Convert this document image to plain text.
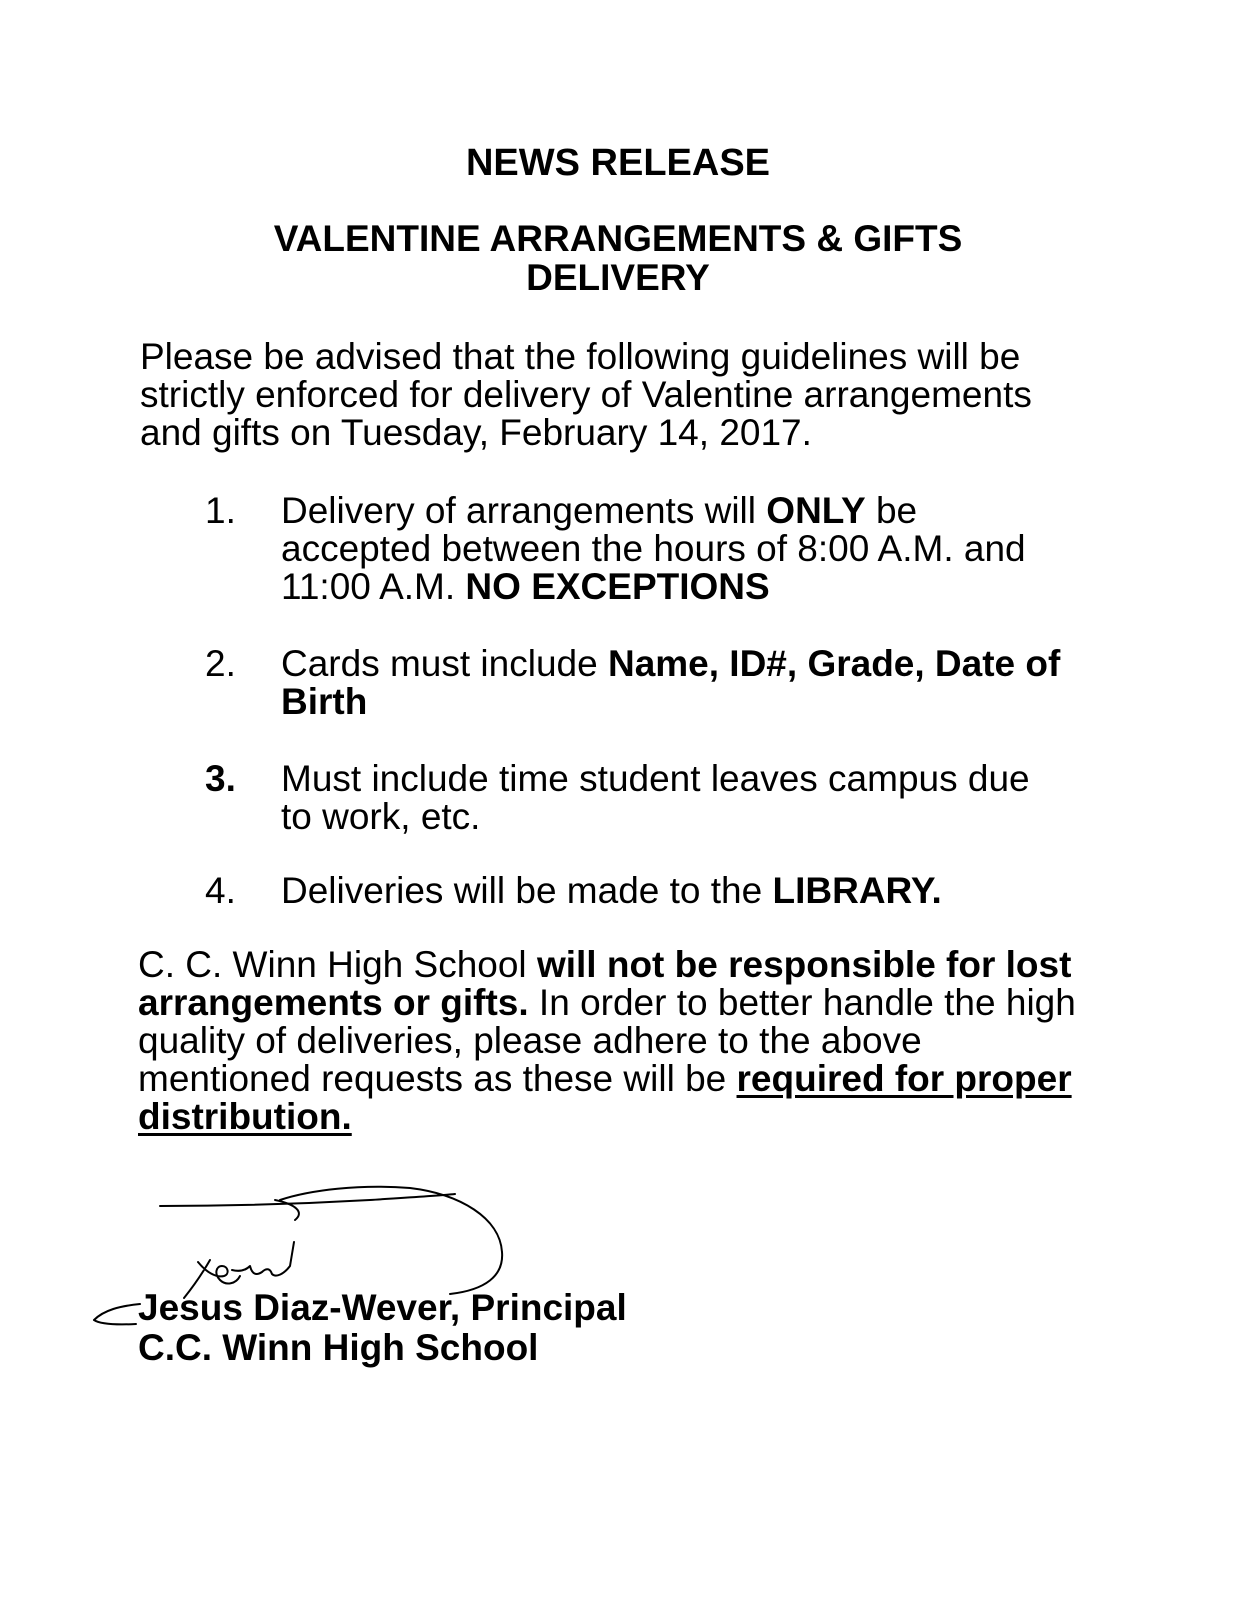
NEWS RELEASE
VALENTINE ARRANGEMENTS & GIFTS
DELIVERY

Please be advised that the following guidelines will be strictly enforced for delivery of Valentine arrangements and gifts on Tuesday, February 14, 2017.

1.	Delivery of arrangements will ONLY be accepted between the hours of 8:00 A.M. and 11:00 A.M. NO EXCEPTIONS
2.	Cards must include Name, ID#, Grade, Date of Birth
3.	Must include time student leaves campus due to work, etc.
4.	Deliveries will be made to the LIBRARY.

C. C. Winn High School will not be responsible for lost arrangements or gifts. In order to better handle the high quality of deliveries, please adhere to the above mentioned requests as these will be required for proper distribution.

Jesus Diaz-Wever, Principal
C.C. Winn High School
